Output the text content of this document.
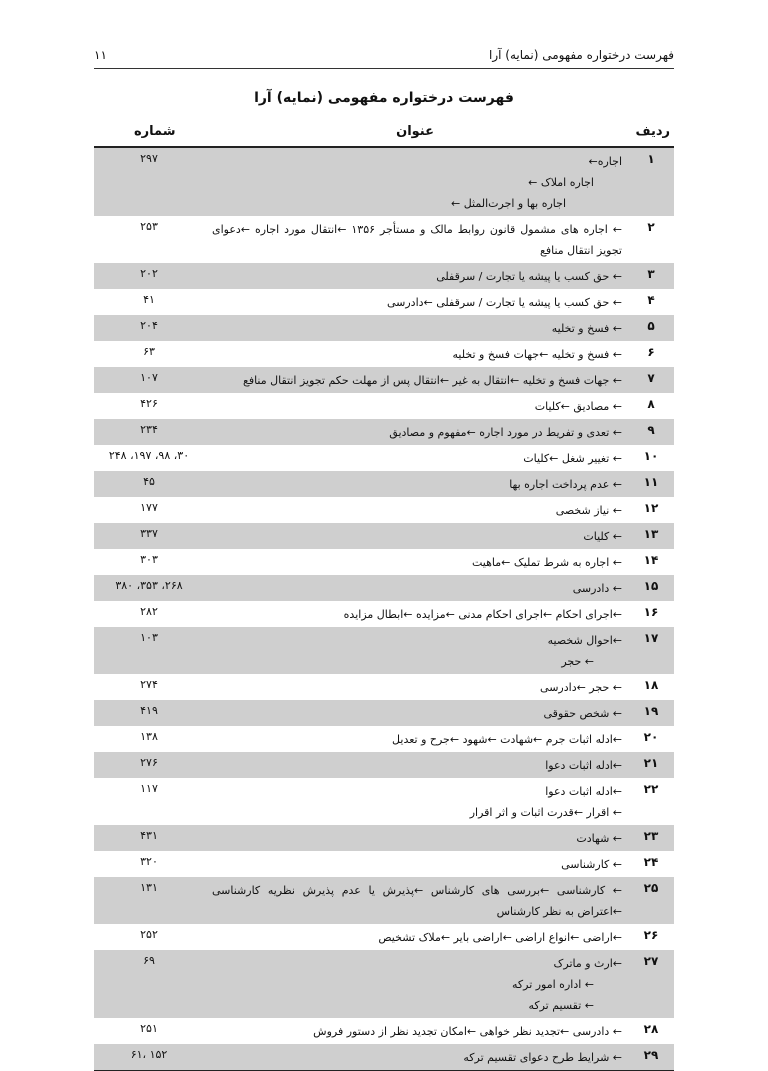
فهرست درختواره مفهومی (نمایه) آرا
۱۱
فهرست درختواره مفهومی (نمایه) آرا
ردیف
عنوان
شماره
۱
اجاره←
اجاره املاک ←
اجاره بها و اجرت‌المثل ←
۲۹۷
۲
← اجاره های مشمول قانون روابط مالک و مستأجر ۱۳۵۶ ←انتقال مورد اجاره ←دعوای تجویز انتقال منافع
۲۵۳
۳
← حق کسب یا پیشه یا تجارت / سرقفلی
۲۰۲
۴
← حق کسب یا پیشه یا تجارت / سرقفلی ←دادرسی
۴۱
۵
← فسخ و تخلیه
۲۰۴
۶
← فسخ و تخلیه ←جهات فسخ و تخلیه
۶۳
۷
← جهات فسخ و تخلیه ←انتقال به غیر ←انتقال پس از مهلت حکم تجویز انتقال منافع
۱۰۷
۸
← مصادیق ←کلیات
۴۲۶
۹
← تعدی و تفریط در مورد اجاره ←مفهوم و مصادیق
۲۳۴
۱۰
← تغییر شغل ←کلیات
۳۰، ۹۸، ۱۹۷، ۲۴۸
۱۱
← عدم پرداخت اجاره بها
۴۵
۱۲
← نیاز شخصی
۱۷۷
۱۳
← کلیات
۳۳۷
۱۴
← اجاره به شرط تملیک ←ماهیت
۳۰۳
۱۵
← دادرسی
۲۶۸، ۳۵۳، ۳۸۰
۱۶
←اجرای احکام ←اجرای احکام مدنی ←مزایده ←ابطال مزایده
۲۸۲
۱۷
←احوال شخصیه
← حجر
۱۰۳
۱۸
← حجر ←دادرسی
۲۷۴
۱۹
← شخص حقوقی
۴۱۹
۲۰
←ادله اثبات جرم ←شهادت ←شهود ←جرح و تعدیل
۱۳۸
۲۱
←ادله اثبات دعوا
۲۷۶
۲۲
←ادله اثبات دعوا
← اقرار ←قدرت اثبات و اثر اقرار
۱۱۷
۲۳
← شهادت
۴۳۱
۲۴
← کارشناسی
۳۲۰
۲۵
← کارشناسی ←بررسی های کارشناس ←پذیرش یا عدم پذیرش نظریه کارشناسی ←اعتراض به نظر کارشناس
۱۳۱
۲۶
←اراضی ←انواع اراضی ←اراضی بایر ←ملاک تشخیص
۲۵۲
۲۷
←ارث و ماترک
← اداره امور ترکه
← تقسیم ترکه
۶۹
۲۸
← دادرسی ←تجدید نظر خواهی ←امکان تجدید نظر از دستور فروش
۲۵۱
۲۹
← شرایط طرح دعوای تقسیم ترکه
۱۵۲ ،۶۱
